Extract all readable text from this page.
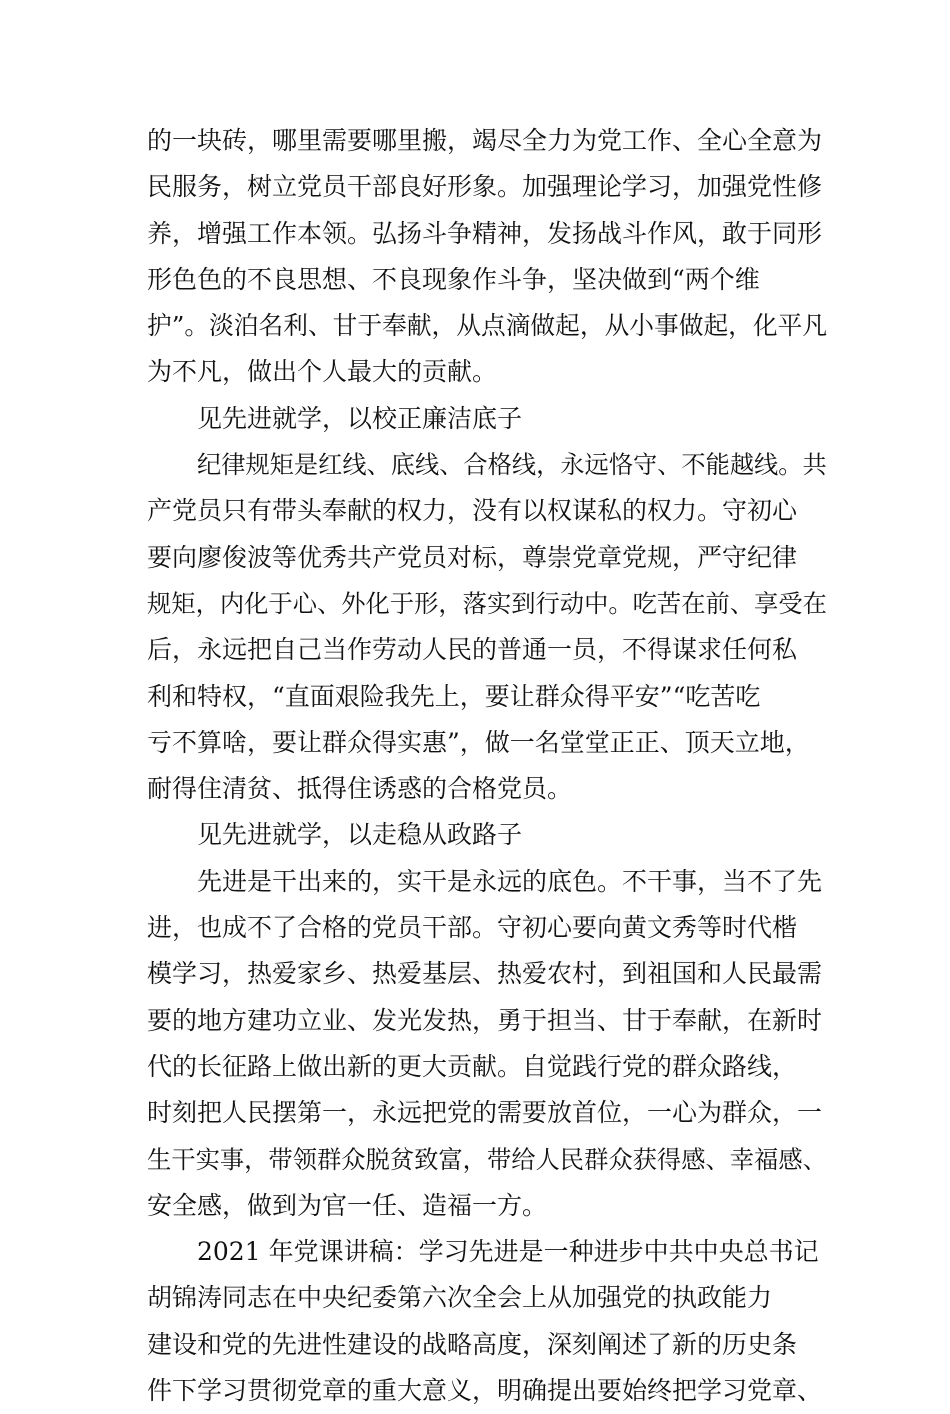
的一块砖，哪里需要哪里搬，竭尽全力为党工作、全心全意为
民服务，树立党员干部良好形象。加强理论学习，加强党性修
养，增强工作本领。弘扬斗争精神，发扬战斗作风，敢于同形
形色色的不良思想、不良现象作斗争，坚决做到“两个维
护”。淡泊名利、甘于奉献，从点滴做起，从小事做起，化平凡
为不凡，做出个人最大的贡献。
见先进就学，以校正廉洁底子
纪律规矩是红线、底线、合格线，永远恪守、不能越线。共
产党员只有带头奉献的权力，没有以权谋私的权力。守初心
要向廖俊波等优秀共产党员对标，尊崇党章党规，严守纪律
规矩，内化于心、外化于形，落实到行动中。吃苦在前、享受在
后，永远把自己当作劳动人民的普通一员，不得谋求任何私
利和特权，“直面艰险我先上，要让群众得平安”“吃苦吃
亏不算啥，要让群众得实惠”，做一名堂堂正正、顶天立地，
耐得住清贫、抵得住诱惑的合格党员。
见先进就学，以走稳从政路子
先进是干出来的，实干是永远的底色。不干事，当不了先
进，也成不了合格的党员干部。守初心要向黄文秀等时代楷
模学习，热爱家乡、热爱基层、热爱农村，到祖国和人民最需
要的地方建功立业、发光发热，勇于担当、甘于奉献，在新时
代的长征路上做出新的更大贡献。自觉践行党的群众路线，
时刻把人民摆第一，永远把党的需要放首位，一心为群众，一
生干实事，带领群众脱贫致富，带给人民群众获得感、幸福感、
安全感，做到为官一任、造福一方。
2021 年党课讲稿：学习先进是一种进步中共中央总书记
胡锦涛同志在中央纪委第六次全会上从加强党的执政能力
建设和党的先进性建设的战略高度，深刻阐述了新的历史条
件下学习贯彻党章的重大意义，明确提出要始终把学习党章、
